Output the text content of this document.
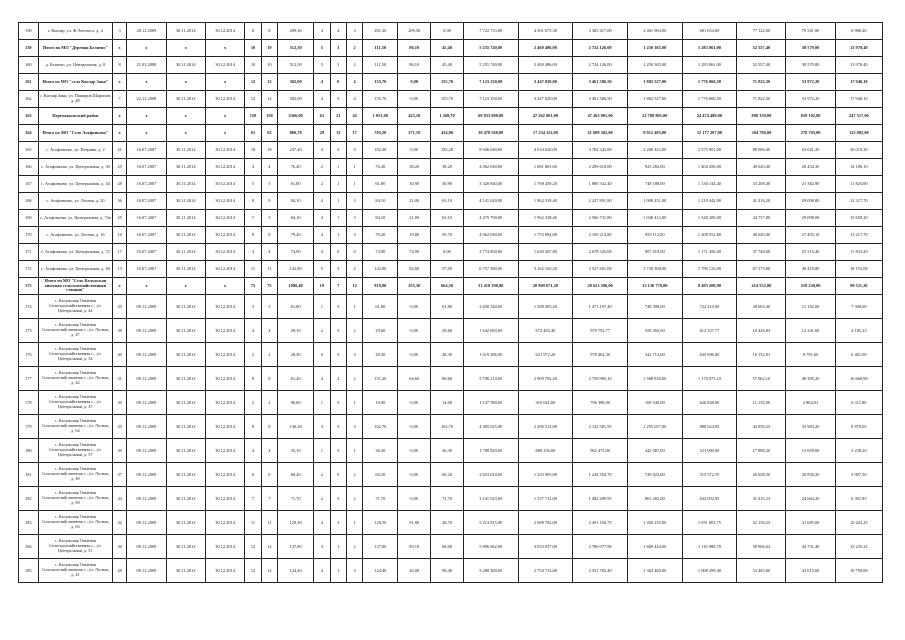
158	г. Кизляр, ул. Ф.Энгельса, д. 4	3	28.12.2009	30.11.2014	30.12.2014	8	8	209,30	4	4	3	201,30	209,30	0,00	7 722 733,00	4 501 675,30	3 365 417,00	2 461 963,00	681 654,00	77 122,00	79 541,80	6 988,40
159	Итого по МО "Деревня Беляево"	х	х	х	х	10	19	512,50	5	3	2	111,50	86,10	45,40	5 255 740,00	2 469 486,00	2 724 126,00	1 250 365,00	1 283 861,00	52 557,40	38 579,00	13 978,40
160	д. Беляево, ул. Центральная, д. 8	8	21.03.2008	30.11.2014	30.12.2014	10	10	512,50	5	3	2	111,50	86,10	45,40	5 255 740,00	2 469 486,00	2 724 126,00	1 250 365,00	1 283 861,00	52 557,40	38 579,00	13 978,40
161	Итого по МО "село Кизлар Заки"	х	х	х	х	12	12	302,00	4	0	4	155,70	0,00	155,70	7 123 230,00	3 447 820,00	3 461 586,50	1 882 527,00	1 776 060,50	71 822,30	53 972,20	17 940,10
162	с. Кизляр Заки, ул. Паширов Шарипов, д. 48	7	22.12.2008	30.11.2014	30.12.2014	12	12	302,00	4	0	4	155,70	0,00	155,70	7 123 230,00	3 447 820,00	3 461 586,50	1 882 527,00	1 776 060,50	71 822,30	53 972,20	17 940,10
163	Перемышльский район	х	х	х	х	158	158	2366,00	63	21	42	1 051,00	423,10	1 268,70	69 833 980,00	47 262 001,00	47 263 001,00	22 708 801,00	24 474 480,00	898 339,08	658 102,80	247 317,00
164	Итого по МО "Село Агафоньево"	х	х	х	х	61	63	860,70	29	13	17	705,50	271,19	434,00	30 478 560,00	17 234 112,00	21 689 302,00	9 912 405,00	12 177 297,00	304 786,00	278 703,00	122 082,00
165	с. Агафоньево, ул. Петрина, д. 2	21	16.07.2007	30.11.2014	30.12.2014	18	18	237,40	4	0	0	192,28	0,00	192,28	8 946 040,00	4 034 620,00	4 782 342,00	2 206 443,00	2 575 901,00	89 060,40	63 041,20	26 019,20
166	с. Агафоньево, ул. Центральная, д. 30	25	16.07.2007	30.11.2014	30.12.2014	4	4	76,40	2	1	1	76,40	38,20	38,20	4 062 040,00	1 681 801,60	2 209 610,00	923 284,00	1 404 456,00	40 620,40	26 434,30	14 186,10
167	с. Агафоньево, ул. Центральная, д. 34	28	16.07.2007	30.11.2014	30.12.2014	5	5	61,80	2	1	1	61,80	30,90	30,90	3 320 840,00	1 768 459,20	1 880 332,40	748 188,00	1 130 144,40	33 208,40	21 382,90	11 825,00
168	с. Агафоньево, ул. Лесная, д. 20	36	16.07.2007	30.11.2014	30.12.2014	8	8	84,10	4	1	3	84,10	21,00	63,10	4 141 620,00	1 862 318,40	2 237 891,90	1 008 451,00	1 219 442,90	41 416,20	29 098,00	12 317,70
169	с. Агафоньево, ул. Центральная, д. 74а	25	16.07.2007	30.11.2014	30.12.2014	7	3	84,10	4	1	3	84,10	21,00	63,10	4 475 790,00	1 962 338,40	2 566 731,80	1 048 412,00	1 548 289,00	44 757,80	29 098,00	15 659,20
170	с. Агафоньево, ул. Лесная, д. 16	16	16.07.2007	30.11.2014	30.12.2014	8	8	79,20	4	1	3	79,20	19,80	59,70	4 062 040,00	1 753 894,80	2 169 214,80	959 112,00	1 208 552,80	40 620,40	27 493,10	13 217,70
171	с. Агафоньево, ул. Центральная, д. 72	17	16.07.2007	30.11.2014	30.12.2014	4	4	74,90	4	0	0	74,90	74,90	0,00	3 774 850,00	1 630 367,80	2 078 325,00	907 019,00	1 171 456,00	37 748,60	25 515,40	11 833,20
172	с. Агафоньево, ул. Центральная, д. 68	13	16.07.2007	30.11.2014	30.12.2014	11	11	142,80	5	3	2	142,80	82,60	57,00	6 757 380,00	3 162 163,20	3 527 601,00	1 739 308,00	1 790 123,00	67 573,80	49 418,80	18 155,00
173	Итого по МО "Село Калужская опытная сельскохозяйственная станция"	х	х	х	х	75	75	1090,40	19	7	12	919,80	255,30	664,50	31 410 390,00	20 969 071,20	20 623 596,00	13 130 770,00	9 493 208,90	414 552,80	218 230,00	99 511,20
174	с. Калужская Опытная Сельскохозяйственная с., ул. Центральная, д. 44	35	09.12.2009	30.11.2014	30.12.2014	3	3	61,80	1	0	1	61,80	0,00	61,80	2 658 340,00	1 588 495,20	1 471 197,40	748 398,00	722 210,00	28 603,40	21 182,00	7 308,00
175	с. Калужская Опытная Сельскохозяйственная с., ул. Лесная, д. 47	38	09.12.2009	30.11.2014	30.12.2014	4	4	29,10	2	0	2	29,60	0,00	29,60	1 642 683,00	672 482,40	970 792,77	358 456,00	612 337,77	16 426,83	12 241,60	4 185,23
176	с. Калужская Опытная Сельскохозяйственная с., ул. Центральная, д. 54	40	09.12.2009	30.11.2014	30.12.2014	2	2	28,30	0	0	3	28,30	0,00	28,30	1 619 286,00	621 972,20	978 462,30	342 713,00	635 696,00	16 152,91	9 781,60	6 401,00
177	с. Калужская Опытная Сельскохозяйственная с., ул. Лесная, д. 42	31	09.12.2009	30.11.2014	30.12.2014	8	8	61,20	4	2	2	151,20	64,60	86,60	5 706 210,00	2 909 792,20	2 739 905,10	1 568 830,00	1 170 075,10	57 062,10	40 395,20	16 666,90
178	с. Калужская Опытная Сельскохозяйственная с., ул. Центральная, д. 37	30	09.12.2009	30.11.2014	30.12.2014	2	2	96,00	1	0	1	10,00	0,00	14,00	1 137 580,00	310 041,00	796 388,00	169 540,00	626 848,00	11 135,00	4 864,01	6 311,80
179	с. Калужская Опытная Сельскохозяйственная с., ул. Лесная, д. 64	35	09.12.2009	30.11.2014	30.12.2014	8	8	136,28	3	0	3	102,70	0,00	102,70	4 485 025,00	2 296 512,88	2 143 501,95	1 255 057,00	888 024,95	44 850,25	35 983,20	8 870,05
180	с. Калужская Опытная Сельскохозяйственная с., ул. Центральная, д. 57	39	09.12.2009	30.11.2014	30.12.2014	4	4	35,10	1	0	1	36,30	0,00	36,30	1 788 820,00	808 256,00	962 475,00	442 087,00	523 000,00	17 888,20	12 659,00	5 238,20
181	с. Калужская Опытная Сельскохозяйственная с., ул. Лесная, д. 49	37	09.12.2009	30.11.2014	30.12.2014	6	6	60,20	2	9	2	60,20	0,00	60,20	2 653 010,00	1 333 905,88	1 244 594,70	729 022,00	515 572,70	26 658,30	20 830,20	5 907,50
182	с. Калужская Опытная Сельскохозяйственная с., ул. Лесная, д. 69	34	09.12.2009	30.11.2014	30.12.2014	7	7	71,70	2	0	2	71,70	0,00	71,70	3 141 023,00	1 537 712,00	1 482 299,95	861 265,00	634 002,95	31 015,23	24 664,20	6 301,85
183	с. Калужская Опытная Сельскохозяйственная с., ул. Лесная, д. 63	32	09.12.2009	30.11.2014	30.12.2014	11	11	129,30	4	3	1	120,50	91,80	28,70	5 214 815,00	2 688 782,00	2 491 156,75	1 450 235,00	1 031 801,75	52 150,25	41 685,00	10 423,25
184	с. Калужская Опытная Сельскохозяйственная с., ул. Центральная, д. 51	36	09.12.2009	30.11.2014	30.12.2014	12	12	137,80	3	1	2	137,00	89,10	68,00	5 896 662,00	3 053 037,00	2 786 077,98	1 669 444,00	1 116 988,70	58 966,62	43 731,40	15 235,22
185	с. Калужская Опытная Сельскохозяйственная с., ул. Лесная, д. 41	28	09.12.2009	30.11.2014	30.12.2014	12	12	124,40	4	1	3	124,40	26,00	98,40	5 288 300,00	2 754 733,60	2 551 783,40	1 364 484,00	1 068 299,40	53 483,00	43 015,60	10 790,00
